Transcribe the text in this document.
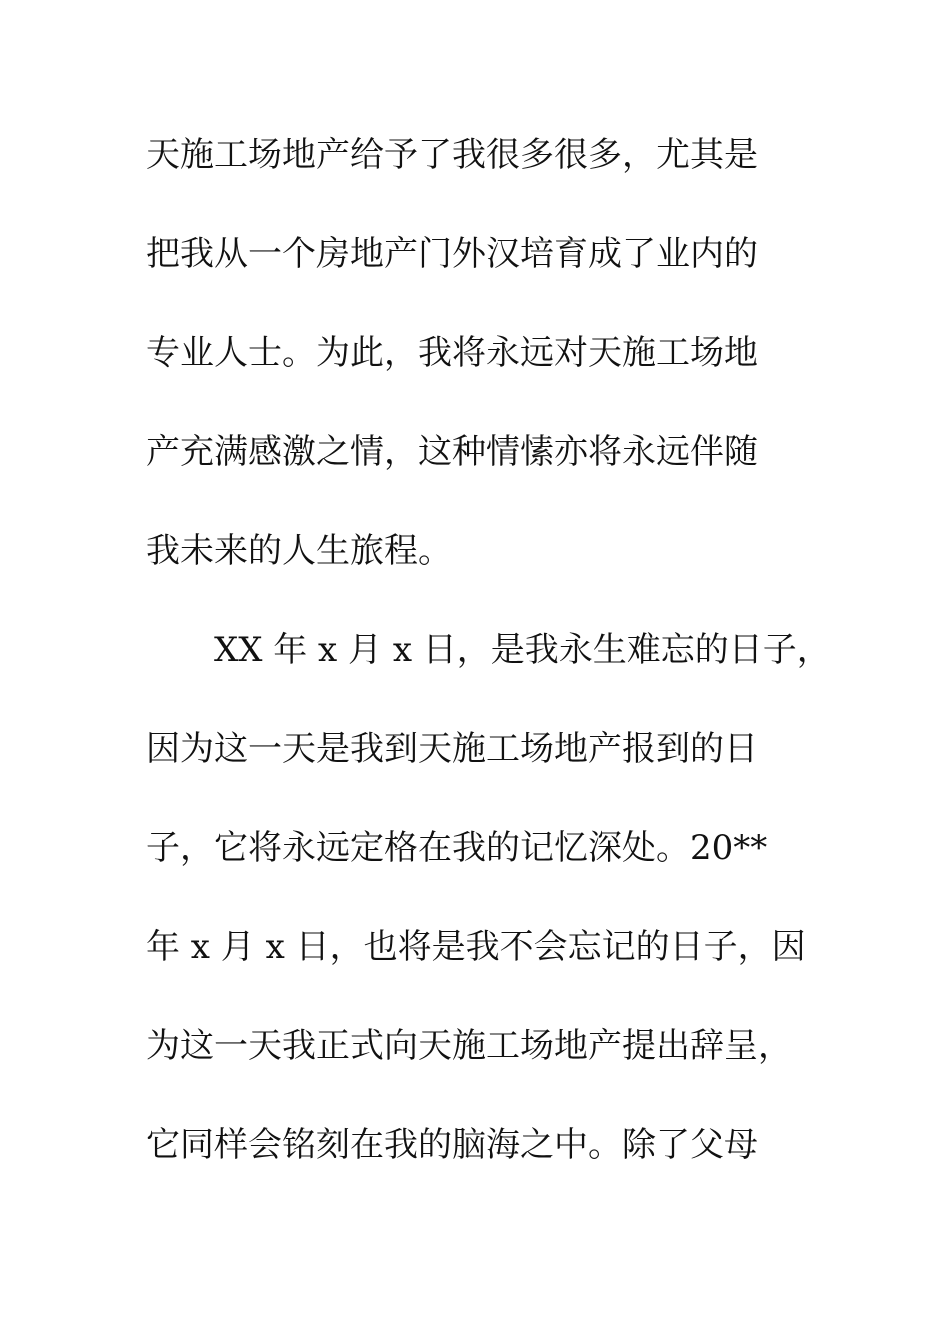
天施工场地产给予了我很多很多，尤其是
把我从一个房地产门外汉培育成了业内的
专业人士。为此，我将永远对天施工场地
产充满感激之情，这种情愫亦将永远伴随
我未来的人生旅程。
XX 年 x 月 x 日，是我永生难忘的日子，
因为这一天是我到天施工场地产报到的日
子，它将永远定格在我的记忆深处。20**
年 x 月 x 日，也将是我不会忘记的日子，因
为这一天我正式向天施工场地产提出辞呈，
它同样会铭刻在我的脑海之中。除了父母
